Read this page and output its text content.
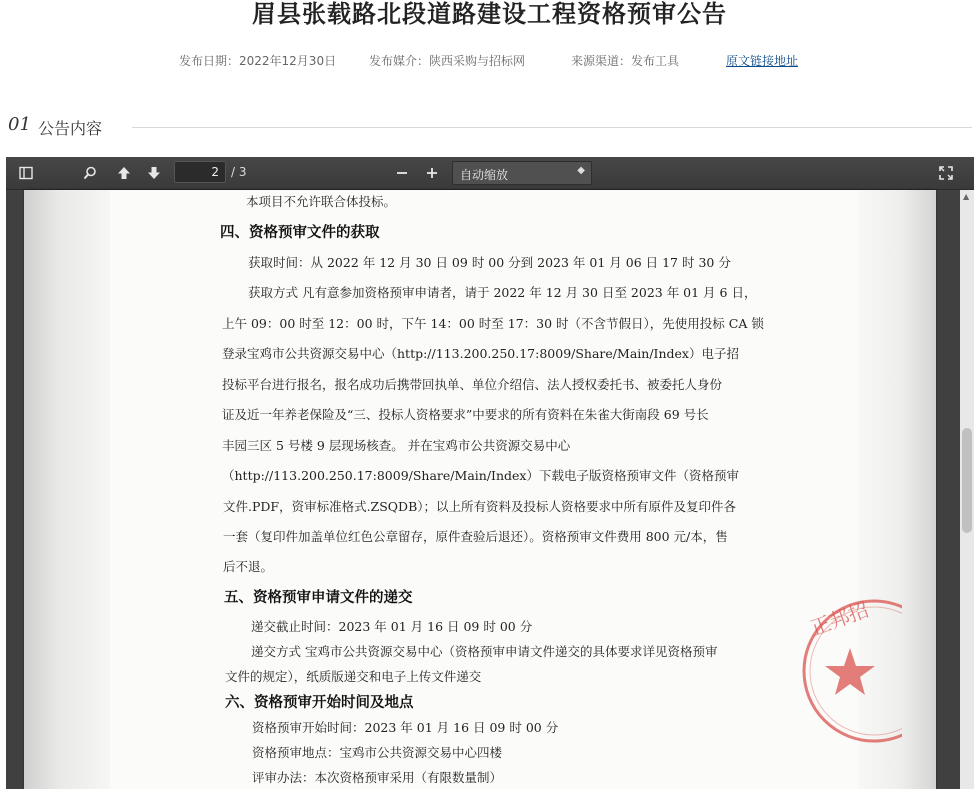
眉县张载路北段道路建设工程资格预审公告
发布日期：2022年12月30日	发布媒介：陕西采购与招标网	来源渠道：发布工具	原文链接地址
01 公告内容
2	/ 3	自动缩放	◆
本项目不允许联合体投标。
四、资格预审文件的获取
获取时间：从 2022 年 12 月 30 日 09 时 00 分到 2023 年 01 月 06 日 17 时 30 分
获取方式 凡有意参加资格预审申请者，请于 2022 年 12 月 30 日至 2023 年 01 月 6 日，
上午 09：00 时至 12：00 时，下午 14：00 时至 17：30 时（不含节假日），先使用投标 CA 锁
登录宝鸡市公共资源交易中心（http://113.200.250.17:8009/Share/Main/Index）电子招
投标平台进行报名，报名成功后携带回执单、单位介绍信、法人授权委托书、被委托人身份
证及近一年养老保险及“三、投标人资格要求”中要求的所有资料在朱雀大街南段 69 号长
丰园三区 5 号楼 9 层现场核查。 并在宝鸡市公共资源交易中心
（http://113.200.250.17:8009/Share/Main/Index）下载电子版资格预审文件（资格预审
文件.PDF，资审标准格式.ZSQDB）；以上所有资料及投标人资格要求中所有原件及复印件各
一套（复印件加盖单位红色公章留存，原件查验后退还）。资格预审文件费用 800 元/本，售
后不退。
五、资格预审申请文件的递交
递交截止时间：2023 年 01 月 16 日 09 时 00 分
递交方式 宝鸡市公共资源交易中心（资格预审申请文件递交的具体要求详见资格预审
文件的规定），纸质版递交和电子上传文件递交
六、资格预审开始时间及地点
资格预审开始时间：2023 年 01 月 16 日 09 时 00 分
资格预审地点：宝鸡市公共资源交易中心四楼
评审办法：本次资格预审采用（有限数量制）
正邦招
▲
